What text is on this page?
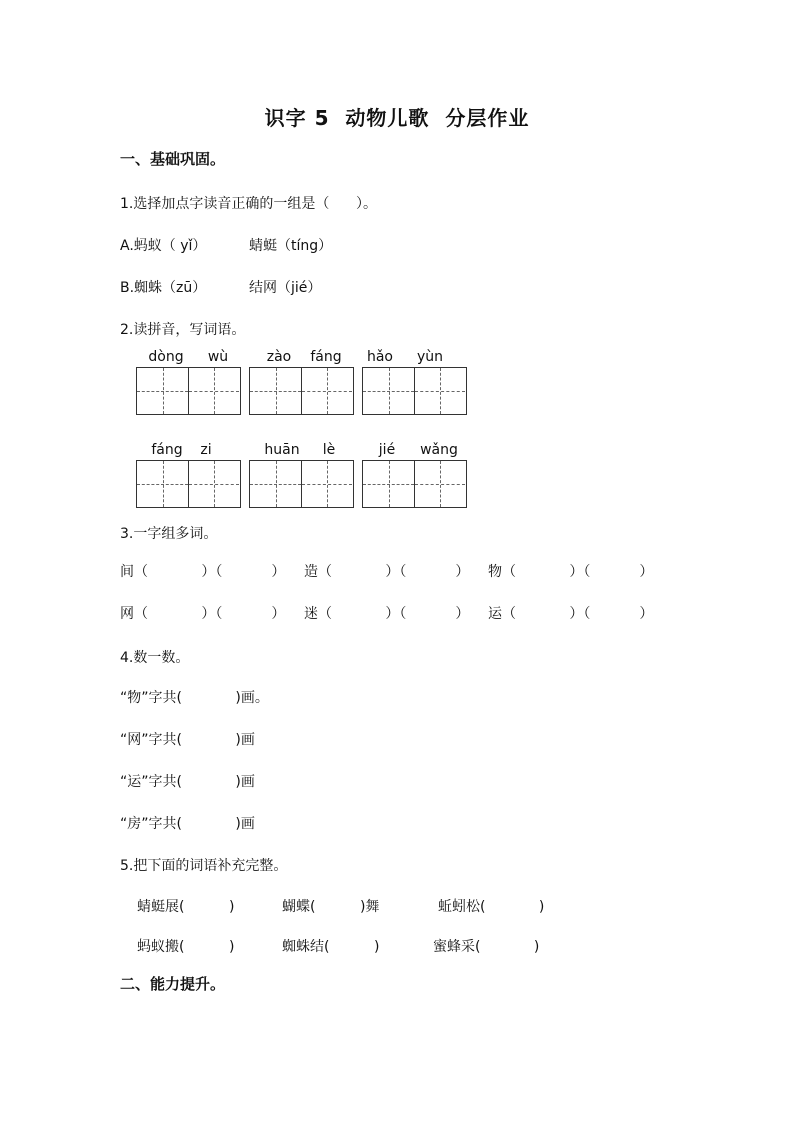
识字 5  动物儿歌  分层作业
一、基础巩固。
1.选择加点字读音正确的一组是（      ）。
A.蚂蚁（ yǐ）	蜻蜓（tíng）
B.蜘蛛（zū）	结网（jié）
2.读拼音，写词语。
dòng	wù	zào	fáng	hǎo	yùn
fáng	zi	huān	lè	jié	wǎng
3.一字组多词。
间（            ）（           ） 造（            ）（           ） 物（            ）（           ）
网（            ）（           ） 迷（            ）（           ） 运（            ）（           ）
4.数一数。
“物”字共(            )画。
“网”字共(            )画
“运”字共(            )画
“房”字共(            )画
5.把下面的词语补充完整。
蜻蜓展(          )	蝴蝶(          )舞	蚯蚓松(            )
蚂蚁搬(          )	蜘蛛结(          )	蜜蜂采(            )
二、能力提升。
